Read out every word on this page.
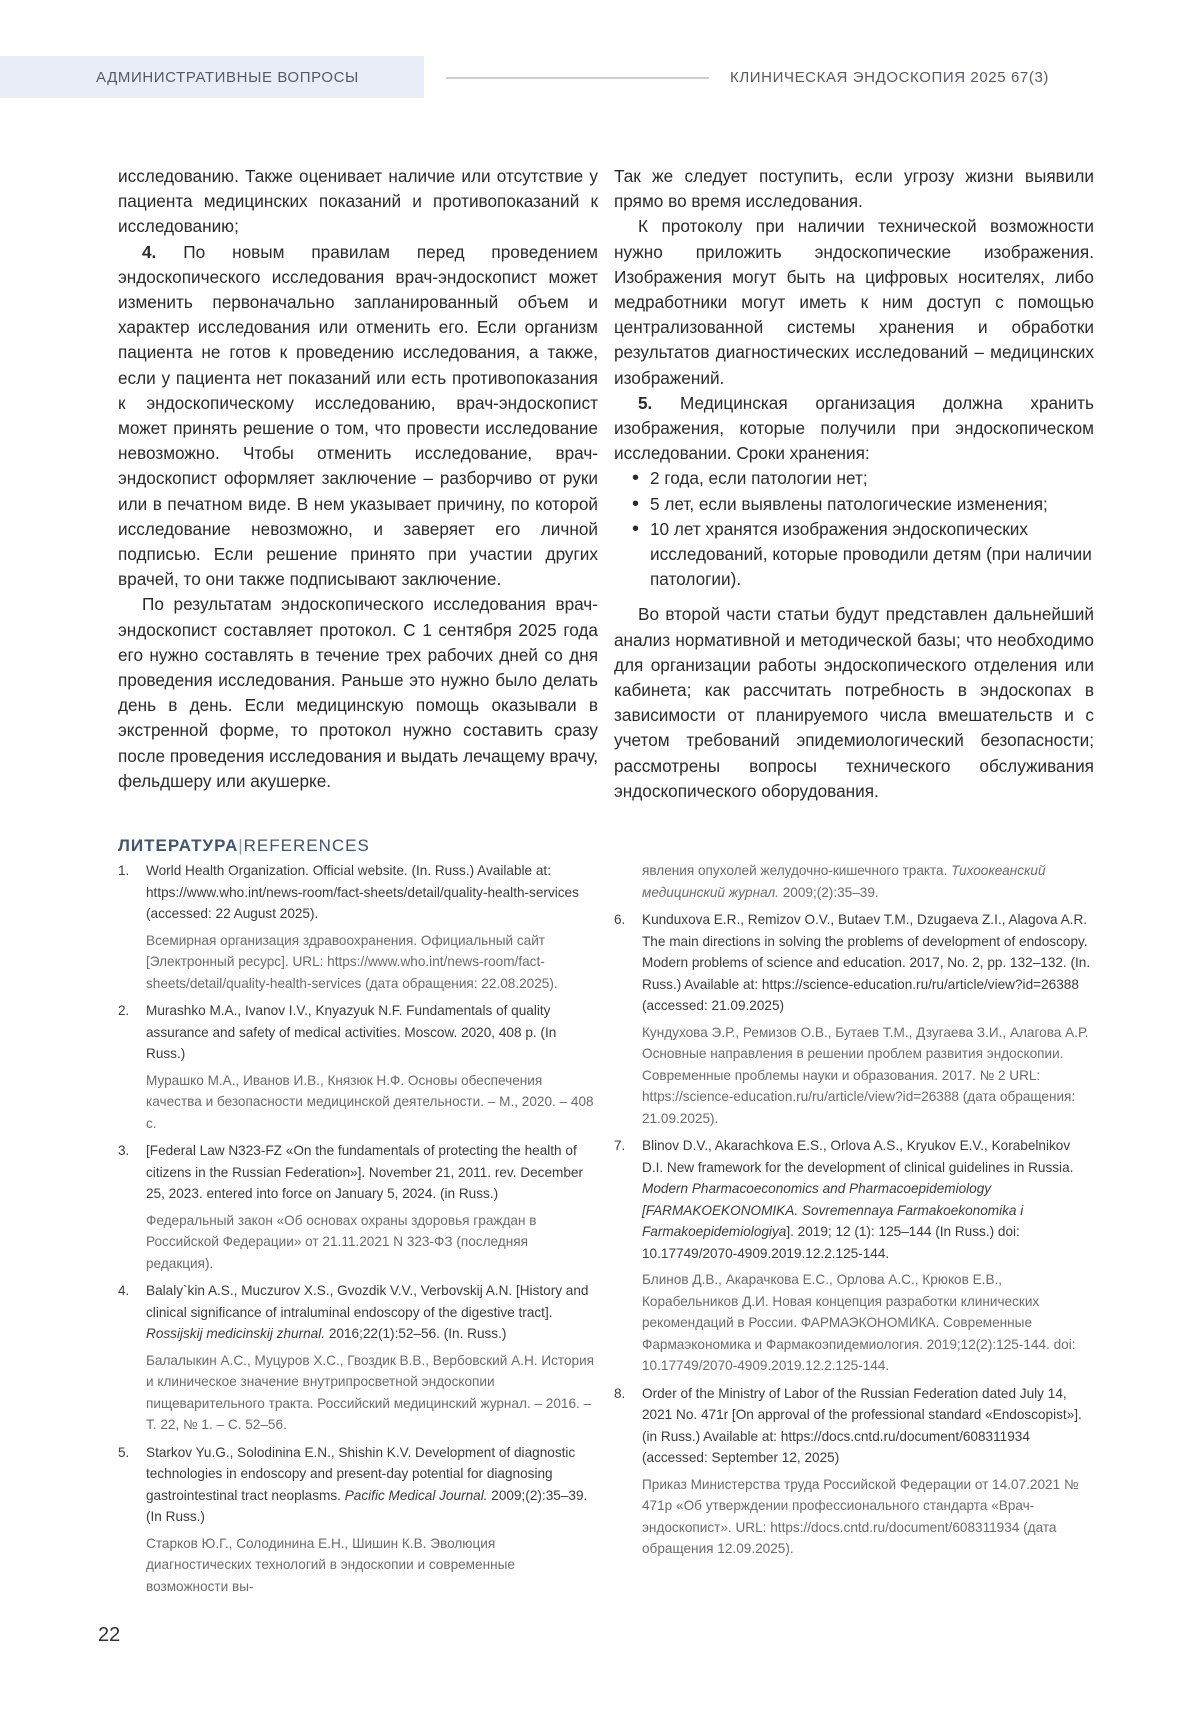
АДМИНИСТРАТИВНЫЕ ВОПРОСЫ	КЛИНИЧЕСКАЯ ЭНДОСКОПИЯ 2025 67(3)

исследованию. Также оценивает наличие или отсутствие у пациента медицинских показаний и противопоказаний к исследованию;

4. По новым правилам перед проведением эндоскопического исследования врач-эндоскопист может изменить первоначально запланированный объем и характер исследования или отменить его. Если организм пациента не готов к проведению исследования, а также, если у пациента нет показаний или есть противопоказания к эндоскопическому исследованию, врач-эндоскопист может принять решение о том, что провести исследование невозможно. Чтобы отменить исследование, врач-эндоскопист оформляет заключение – разборчиво от руки или в печатном виде. В нем указывает причину, по которой исследование невозможно, и заверяет его личной подписью. Если решение принято при участии других врачей, то они также подписывают заключение.

По результатам эндоскопического исследования врач-эндоскопист составляет протокол. С 1 сентября 2025 года его нужно составлять в течение трех рабочих дней со дня проведения исследования. Раньше это нужно было делать день в день. Если медицинскую помощь оказывали в экстренной форме, то протокол нужно составить сразу после проведения исследования и выдать лечащему врачу, фельдшеру или акушерке.

Так же следует поступить, если угрозу жизни выявили прямо во время исследования.

К протоколу при наличии технической возможности нужно приложить эндоскопические изображения. Изображения могут быть на цифровых носителях, либо медработники могут иметь к ним доступ с помощью централизованной системы хранения и обработки результатов диагностических исследований – медицинских изображений.

5. Медицинская организация должна хранить изображения, которые получили при эндоскопическом исследовании. Сроки хранения:

• 2 года, если патологии нет;
• 5 лет, если выявлены патологические изменения;
• 10 лет хранятся изображения эндоскопических исследований, которые проводили детям (при наличии патологии).

Во второй части статьи будут представлен дальнейший анализ нормативной и методической базы; что необходимо для организации работы эндоскопического отделения или кабинета; как рассчитать потребность в эндоскопах в зависимости от планируемого числа вмешательств и с учетом требований эпидемиологический безопасности; рассмотрены вопросы технического обслуживания эндоскопического оборудования.

ЛИТЕРАТУРА|REFERENCES
1. World Health Organization. Official website. (In. Russ.) Available at: https://www.who.int/news-room/fact-sheets/detail/quality-health-services (accessed: 22 August 2025).
Всемирная организация здравоохранения. Официальный сайт [Электронный ресурс]. URL: https://www.who.int/news-room/fact-sheets/detail/quality-health-services (дата обращения: 22.08.2025).
2. Murashko M.A., Ivanov I.V., Knyazyuk N.F. Fundamentals of quality assurance and safety of medical activities. Moscow. 2020, 408 p. (In Russ.)
Мурашко М.А., Иванов И.В., Князюк Н.Ф. Основы обеспечения качества и безопасности медицинской деятельности. – М., 2020. – 408 с.
3. [Federal Law N323-FZ «On the fundamentals of protecting the health of citizens in the Russian Federation»]. November 21, 2011. rev. December 25, 2023. entered into force on January 5, 2024. (in Russ.)
Федеральный закон «Об основах охраны здоровья граждан в Российской Федерации» от 21.11.2021 N 323-ФЗ (последняя редакция).
4. Balaly`kin A.S., Muczurov X.S., Gvozdik V.V., Verbovskij A.N. [History and clinical significance of intraluminal endoscopy of the digestive tract]. Rossijskij medicinskij zhurnal. 2016;22(1):52–56. (In. Russ.)
Балалыкин А.С., Муцуров Х.С., Гвоздик В.В., Вербовский А.Н. История и клиническое значение внутрипросветной эндоскопии пищеварительного тракта. Российский медицинский журнал. – 2016. – Т. 22, № 1. – С. 52–56.
5. Starkov Yu.G., Solodinina E.N., Shishin K.V. Development of diagnostic technologies in endoscopy and present-day potential for diagnosing gastrointestinal tract neoplasms. Pacific Medical Journal. 2009;(2):35–39. (In Russ.)
Старков Ю.Г., Солодинина Е.Н., Шишин К.В. Эволюция диагностических технологий в эндоскопии и современные возможности вы-
явления опухолей желудочно-кишечного тракта. Тихоокеанский медицинский журнал. 2009;(2):35–39.
6. Kunduxova E.R., Remizov O.V., Butaev T.M., Dzugaeva Z.I., Alagova A.R. The main directions in solving the problems of development of endoscopy. Modern problems of science and education. 2017, No. 2, pp. 132–132. (In. Russ.) Available at: https://science-education.ru/ru/article/view?id=26388 (accessed: 21.09.2025)
Кундухова Э.Р., Ремизов О.В., Бутаев Т.М., Дзугаева З.И., Алагова А.Р. Основные направления в решении проблем развития эндоскопии. Современные проблемы науки и образования. 2017. № 2 URL: https://science-education.ru/ru/article/view?id=26388 (дата обращения: 21.09.2025).
7. Blinov D.V., Akarachkova E.S., Orlova A.S., Kryukov E.V., Korabelnikov D.I. New framework for the development of clinical guidelines in Russia. Modern Pharmacoeconomics and Pharmacoepidemiology [FARMAKOEKONOMIKA. Sovremennaya Farmakoekonomika i Farmakoepidemiologiya]. 2019; 12 (1): 125–144 (In Russ.) doi: 10.17749/2070-4909.2019.12.2.125-144.
Блинов Д.В., Акарачкова Е.С., Орлова А.С., Крюков Е.В., Корабельников Д.И. Новая концепция разработки клинических рекомендаций в России. ФАРМАЭКОНОМИКА. Современные Фармаэкономика и Фармакоэпидемиология. 2019;12(2):125-144. doi: 10.17749/2070-4909.2019.12.2.125-144.
8. Order of the Ministry of Labor of the Russian Federation dated July 14, 2021 No. 471r [On approval of the professional standard «Endoscopist»]. (in Russ.) Available at: https://docs.cntd.ru/document/608311934 (accessed: September 12, 2025)
Приказ Министерства труда Российской Федерации от 14.07.2021 № 471р «Об утверждении профессионального стандарта «Врач-эндоскопист». URL: https://docs.cntd.ru/document/608311934 (дата обращения 12.09.2025).
22
